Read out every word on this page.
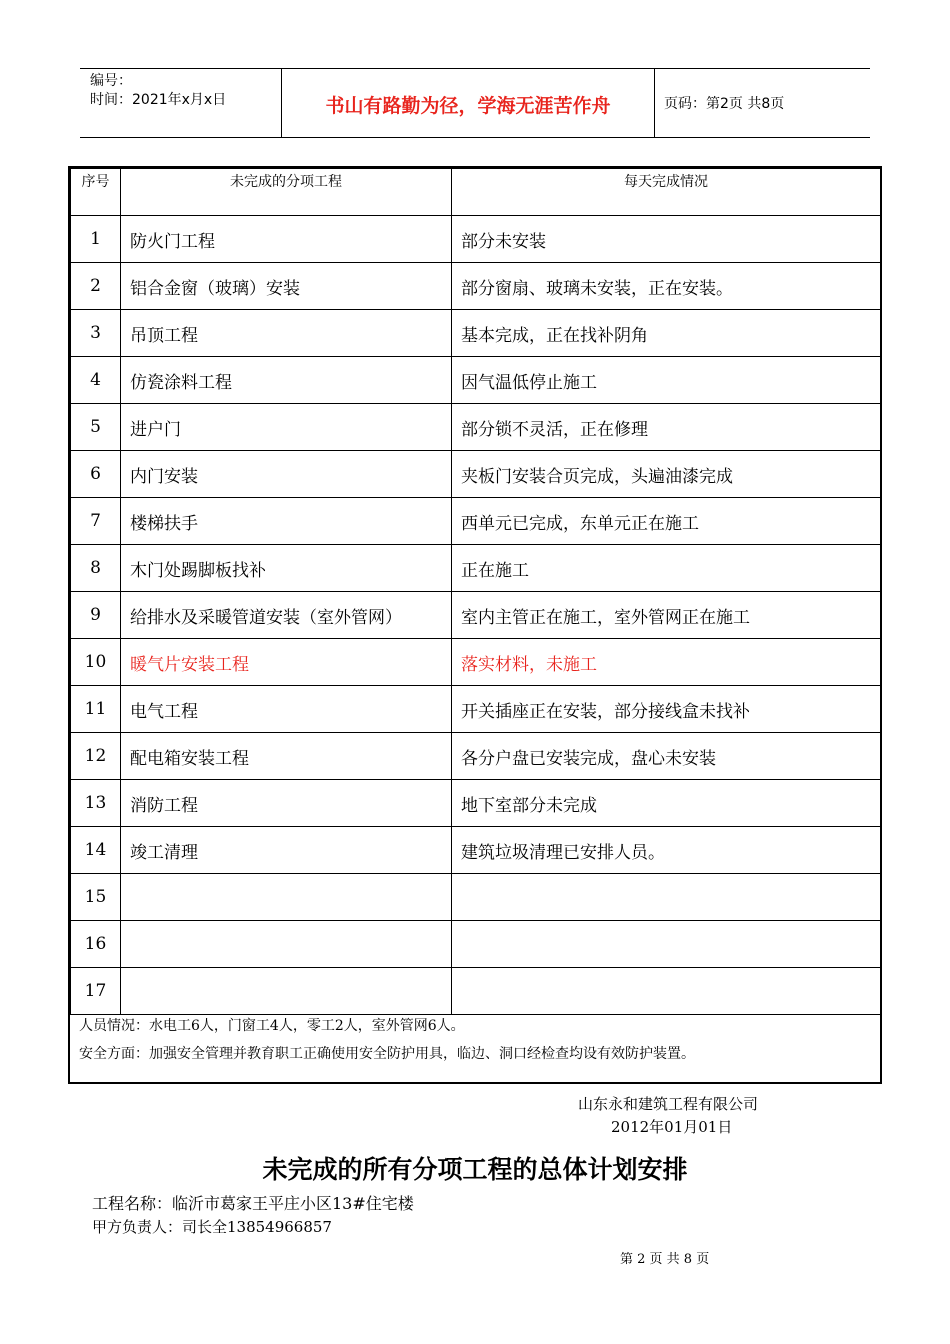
编号：
时间：2021年x月x日	书山有路勤为径，学海无涯苦作舟	页码：第2页 共8页
序号	未完成的分项工程	每天完成情况
1	防火门工程	部分未安装
2	铝合金窗（玻璃）安装	部分窗扇、玻璃未安装，正在安装。
3	吊顶工程	基本完成，正在找补阴角
4	仿瓷涂料工程	因气温低停止施工
5	进户门	部分锁不灵活，正在修理
6	内门安装	夹板门安装合页完成，头遍油漆完成
7	楼梯扶手	西单元已完成，东单元正在施工
8	木门处踢脚板找补	正在施工
9	给排水及采暖管道安装（室外管网）	室内主管正在施工，室外管网正在施工
10	暖气片安装工程	落实材料，未施工
11	电气工程	开关插座正在安装，部分接线盒未找补
12	配电箱安装工程	各分户盘已安装完成，盘心未安装
13	消防工程	地下室部分未完成
14	竣工清理	建筑垃圾清理已安排人员。
15		
16		
17		
人员情况：水电工6人，门窗工4人，零工2人，室外管网6人。
安全方面：加强安全管理并教育职工正确使用安全防护用具，临边、洞口经检查均设有效防护装置。
山东永和建筑工程有限公司
2012年01月01日
未完成的所有分项工程的总体计划安排
工程名称：临沂市葛家王平庄小区13#住宅楼
甲方负责人：司长全13854966857
第 2 页 共 8 页
